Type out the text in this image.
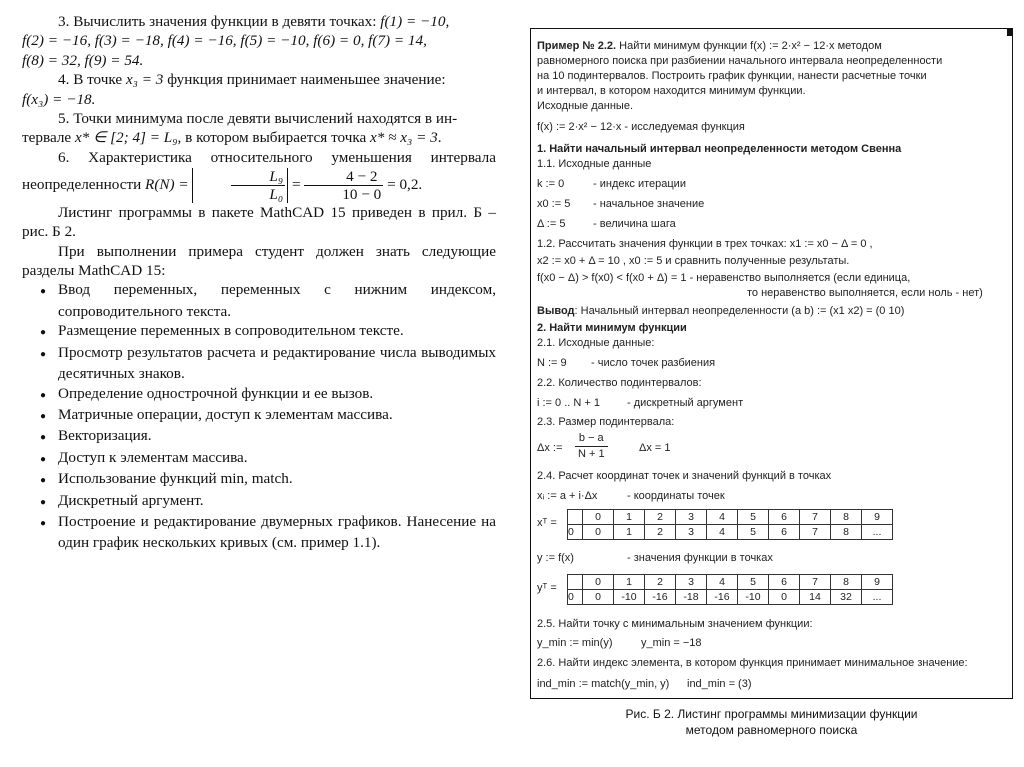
3. Вычислить значения функции в девяти точках: f(1) = −10,

f(2) = −16, f(3) = −18, f(4) = −16, f(5) = −10, f(6) = 0, f(7) = 14,

f(8) = 32, f(9) = 54.

4. В точке x₃ = 3 функция принимает наименьшее значение:

f(x₃) = −18.

5. Точки минимума после девяти вычислений находятся в ин-

тервале x* ∈ [2; 4] = L₉, в котором выбирается точка x* ≈ x₃ = 3.

6. Характеристика относительного уменьшения интервала неопределенности R(N) =	$\frac{\text{L₉}}{\text{L₀}} = \frac{4 - 2}{10 - 0} = 0,2$.

Листинг программы в пакете MathCAD 15 приведен в прил. Б – рис. Б 2.

При выполнении примера студент должен знать следующие разделы MathCAD 15:

● Ввод переменных, переменных с нижним индексом, сопроводительного текста.

● Размещение переменных в сопроводительном тексте.

● Просмотр результатов расчета и редактирование числа выводимых десятичных знаков.

● Определение однострочной функции и ее вызов.

● Матричные операции, доступ к элементам массива.

● Векторизация.

● Доступ к элементам массива.

● Использование функций min, match.

● Дискретный аргумент.

● Построение и редактирование двумерных графиков. Нанесение на один график нескольких кривых (см. пример 1.1).

Пример № 2.2. Найти минимум функции f(x) := 2·x² − 12·x методом
равномерного поиска при разбиении начального интервала неопределенности
на 10 подинтервалов. Построить график функции, нанести расчетные точки
и интервал, в котором находится минимум функции.
Исходные данные.
f(x) := 2·x² − 12·x - исследуемая функция
1. Найти начальный интервал неопределенности методом Свенна
1.1. Исходные данные
k := 0	- индекс итерации
x0 := 5 - начальное значение
Δ := 5	- величина шага
1.2. Рассчитать значения функции в трех точках: x1 := x0 − Δ = 0 ,
x2 := x0 + Δ = 10 , x0 := 5 и сравнить полученные результаты.
f(x0 − Δ) > f(x0) < f(x0 + Δ) = 1 - неравенство выполняется (если единица,
то неравенство выполняется, если ноль - нет)
Вывод: Начальный интервал неопределенности (a b) := (x1 x2) = (0 10)
2. Найти минимум функции
2.1. Исходные данные:
N := 9 - число точек разбиения
2.2. Количество подинтервалов:
i := 0 .. N + 1 - дискретный аргумент
2.3. Размер подинтервала:
Δx := $\frac{b - a}{N + 1}$	Δx = 1
2.4. Расчет координат точек и значений функций в точках
xᵢ := a + i·Δx	- координаты точек
xᵀ =
	0	1	2	3	4	5	6	7	8	9
0	0	1	2	3	4	5	6	7	8	...
y := f(x)	- значения функции в точках
yᵀ =
	0	1	2	3	4	5	6	7	8	9
0	0	-10	-16	-18	-16	-10	0	14	32	...
2.5. Найти точку с минимальным значением функции:
y_min := min(y)	y_min = −18
2.6. Найти индекс элемента, в котором функция принимает минимальное значение:
ind_min := match(y_min, y) ind_min = (3)
Рис. Б 2. Листинг программы минимизации функции
методом равномерного поиска
